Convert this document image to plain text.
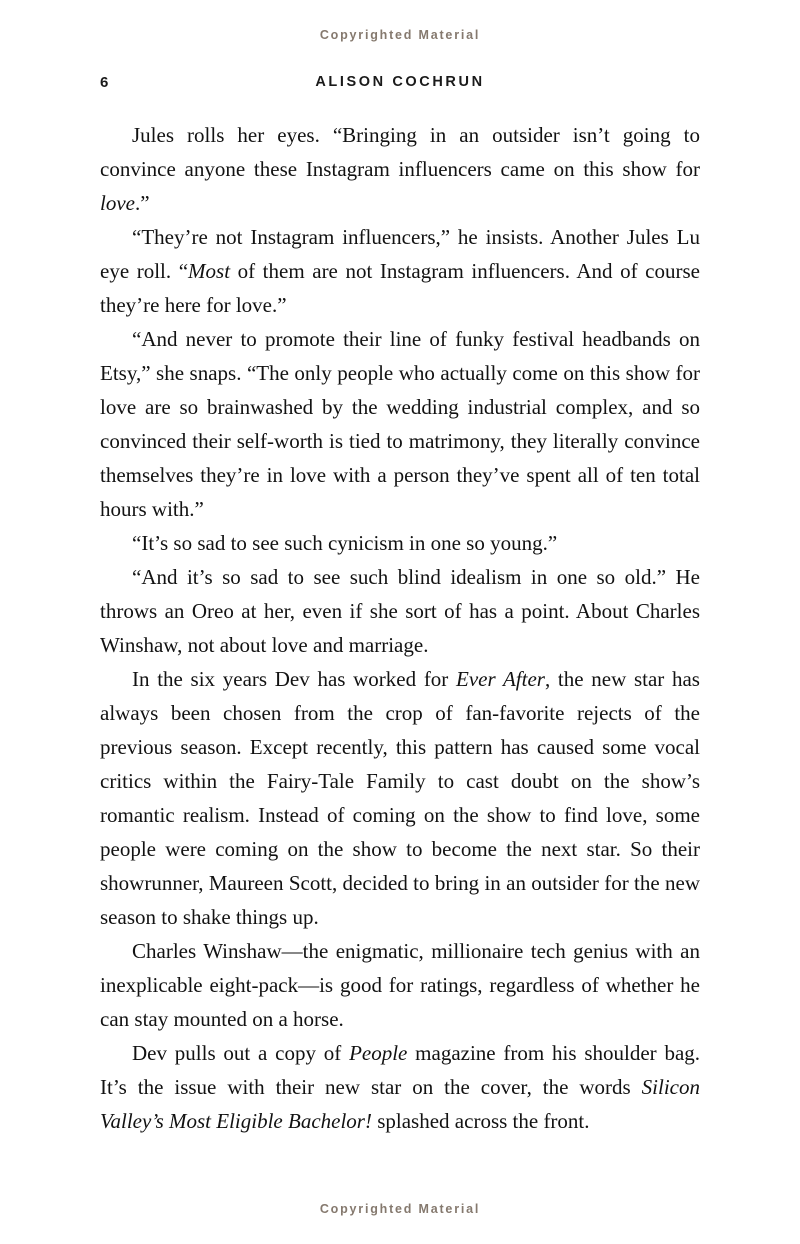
Copyrighted Material
6	ALISON COCHRUN

Jules rolls her eyes. “Bringing in an outsider isn’t going to convince anyone these Instagram influencers came on this show for love.”

“They’re not Instagram influencers,” he insists. Another Jules Lu eye roll. “Most of them are not Instagram influencers. And of course they’re here for love.”

“And never to promote their line of funky festival headbands on Etsy,” she snaps. “The only people who actually come on this show for love are so brainwashed by the wedding industrial complex, and so convinced their self-worth is tied to matrimony, they literally convince themselves they’re in love with a person they’ve spent all of ten total hours with.”

“It’s so sad to see such cynicism in one so young.”

“And it’s so sad to see such blind idealism in one so old.” He throws an Oreo at her, even if she sort of has a point. About Charles Winshaw, not about love and marriage.

In the six years Dev has worked for Ever After, the new star has always been chosen from the crop of fan-favorite rejects of the previous season. Except recently, this pattern has caused some vocal critics within the Fairy-Tale Family to cast doubt on the show’s romantic realism. Instead of coming on the show to find love, some people were coming on the show to become the next star. So their showrunner, Maureen Scott, decided to bring in an outsider for the new season to shake things up.

Charles Winshaw—the enigmatic, millionaire tech genius with an inexplicable eight-pack—is good for ratings, regardless of whether he can stay mounted on a horse.

Dev pulls out a copy of People magazine from his shoulder bag. It’s the issue with their new star on the cover, the words Silicon Valley’s Most Eligible Bachelor! splashed across the front.

Copyrighted Material
